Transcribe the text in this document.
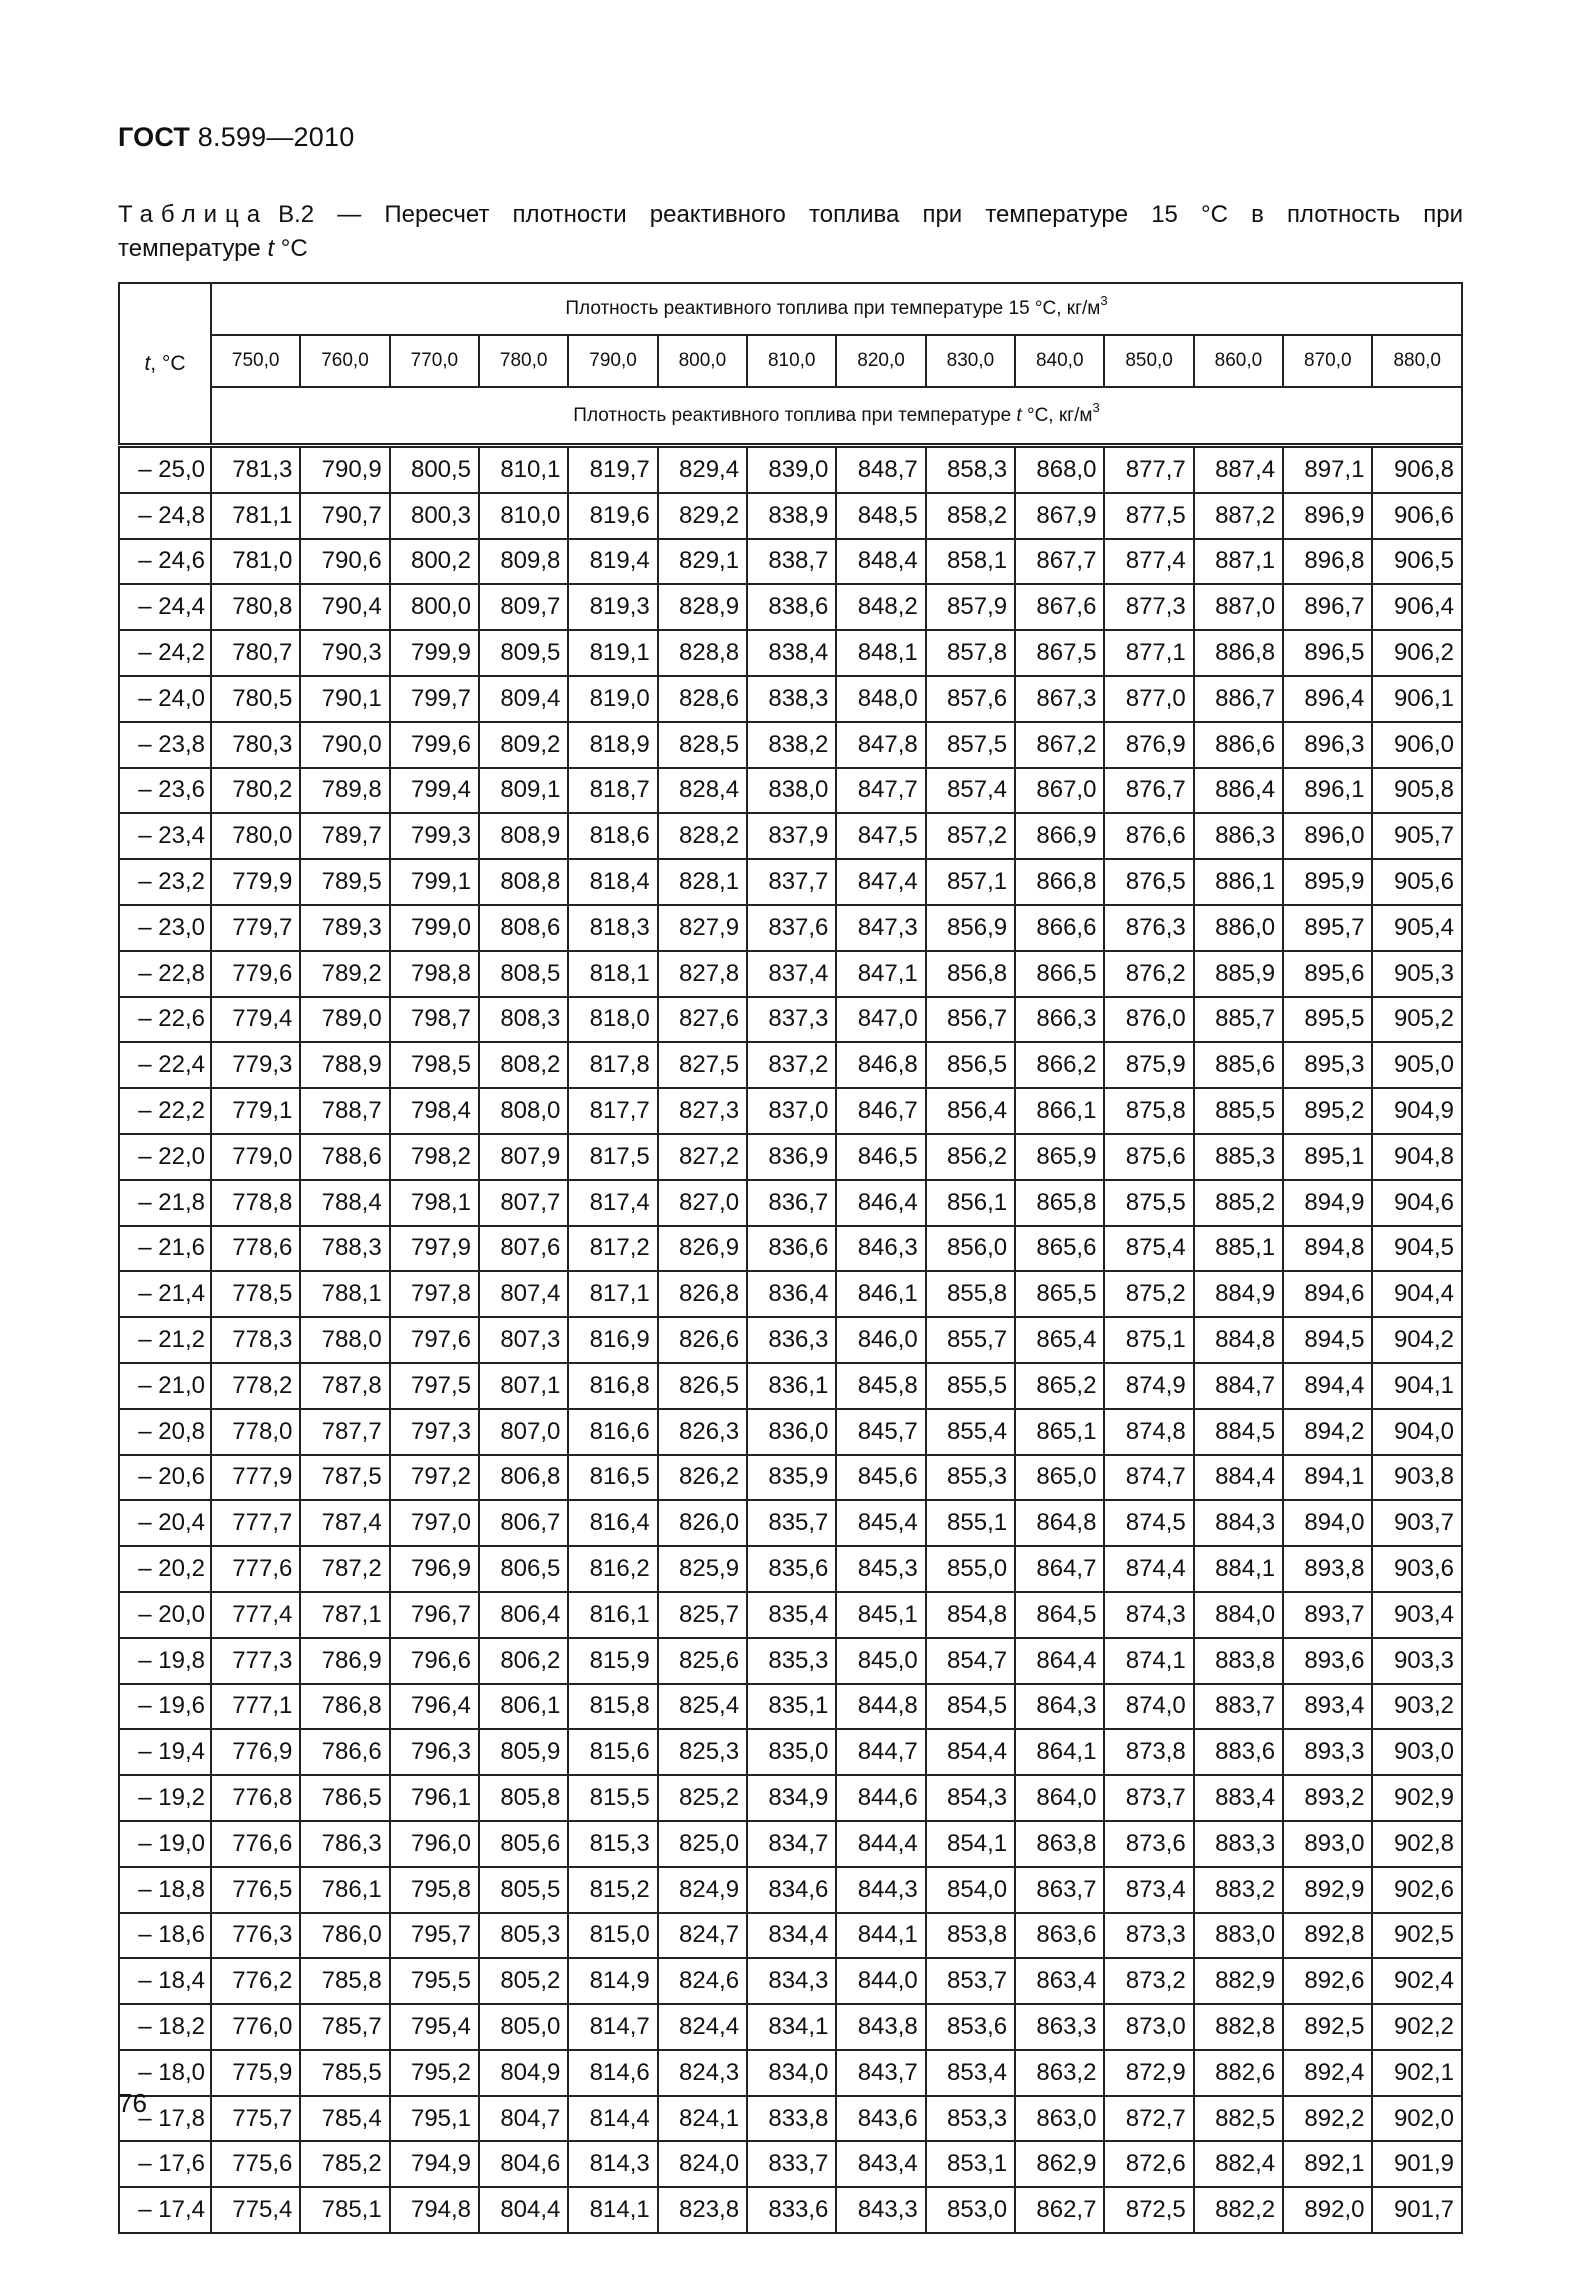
ГОСТ 8.599—2010
Таблица В.2 — Пересчет плотности реактивного топлива при температуре 15 °С в плотность при
температуре t °С
t, °С	Плотность реактивного топлива при температуре 15 °С, $кг/м^3$
	750,0	760,0	770,0	780,0	790,0	800,0	810,0	820,0	830,0	840,0	850,0	860,0	870,0	880,0
	Плотность реактивного топлива при температуре t °С, $кг/м^3$
– 25,0	781,3	790,9	800,5	810,1	819,7	829,4	839,0	848,7	858,3	868,0	877,7	887,4	897,1	906,8
– 24,8	781,1	790,7	800,3	810,0	819,6	829,2	838,9	848,5	858,2	867,9	877,5	887,2	896,9	906,6
– 24,6	781,0	790,6	800,2	809,8	819,4	829,1	838,7	848,4	858,1	867,7	877,4	887,1	896,8	906,5
– 24,4	780,8	790,4	800,0	809,7	819,3	828,9	838,6	848,2	857,9	867,6	877,3	887,0	896,7	906,4
– 24,2	780,7	790,3	799,9	809,5	819,1	828,8	838,4	848,1	857,8	867,5	877,1	886,8	896,5	906,2
– 24,0	780,5	790,1	799,7	809,4	819,0	828,6	838,3	848,0	857,6	867,3	877,0	886,7	896,4	906,1
– 23,8	780,3	790,0	799,6	809,2	818,9	828,5	838,2	847,8	857,5	867,2	876,9	886,6	896,3	906,0
– 23,6	780,2	789,8	799,4	809,1	818,7	828,4	838,0	847,7	857,4	867,0	876,7	886,4	896,1	905,8
– 23,4	780,0	789,7	799,3	808,9	818,6	828,2	837,9	847,5	857,2	866,9	876,6	886,3	896,0	905,7
– 23,2	779,9	789,5	799,1	808,8	818,4	828,1	837,7	847,4	857,1	866,8	876,5	886,1	895,9	905,6
– 23,0	779,7	789,3	799,0	808,6	818,3	827,9	837,6	847,3	856,9	866,6	876,3	886,0	895,7	905,4
– 22,8	779,6	789,2	798,8	808,5	818,1	827,8	837,4	847,1	856,8	866,5	876,2	885,9	895,6	905,3
– 22,6	779,4	789,0	798,7	808,3	818,0	827,6	837,3	847,0	856,7	866,3	876,0	885,7	895,5	905,2
– 22,4	779,3	788,9	798,5	808,2	817,8	827,5	837,2	846,8	856,5	866,2	875,9	885,6	895,3	905,0
– 22,2	779,1	788,7	798,4	808,0	817,7	827,3	837,0	846,7	856,4	866,1	875,8	885,5	895,2	904,9
– 22,0	779,0	788,6	798,2	807,9	817,5	827,2	836,9	846,5	856,2	865,9	875,6	885,3	895,1	904,8
– 21,8	778,8	788,4	798,1	807,7	817,4	827,0	836,7	846,4	856,1	865,8	875,5	885,2	894,9	904,6
– 21,6	778,6	788,3	797,9	807,6	817,2	826,9	836,6	846,3	856,0	865,6	875,4	885,1	894,8	904,5
– 21,4	778,5	788,1	797,8	807,4	817,1	826,8	836,4	846,1	855,8	865,5	875,2	884,9	894,6	904,4
– 21,2	778,3	788,0	797,6	807,3	816,9	826,6	836,3	846,0	855,7	865,4	875,1	884,8	894,5	904,2
– 21,0	778,2	787,8	797,5	807,1	816,8	826,5	836,1	845,8	855,5	865,2	874,9	884,7	894,4	904,1
– 20,8	778,0	787,7	797,3	807,0	816,6	826,3	836,0	845,7	855,4	865,1	874,8	884,5	894,2	904,0
– 20,6	777,9	787,5	797,2	806,8	816,5	826,2	835,9	845,6	855,3	865,0	874,7	884,4	894,1	903,8
– 20,4	777,7	787,4	797,0	806,7	816,4	826,0	835,7	845,4	855,1	864,8	874,5	884,3	894,0	903,7
– 20,2	777,6	787,2	796,9	806,5	816,2	825,9	835,6	845,3	855,0	864,7	874,4	884,1	893,8	903,6
– 20,0	777,4	787,1	796,7	806,4	816,1	825,7	835,4	845,1	854,8	864,5	874,3	884,0	893,7	903,4
– 19,8	777,3	786,9	796,6	806,2	815,9	825,6	835,3	845,0	854,7	864,4	874,1	883,8	893,6	903,3
– 19,6	777,1	786,8	796,4	806,1	815,8	825,4	835,1	844,8	854,5	864,3	874,0	883,7	893,4	903,2
– 19,4	776,9	786,6	796,3	805,9	815,6	825,3	835,0	844,7	854,4	864,1	873,8	883,6	893,3	903,0
– 19,2	776,8	786,5	796,1	805,8	815,5	825,2	834,9	844,6	854,3	864,0	873,7	883,4	893,2	902,9
– 19,0	776,6	786,3	796,0	805,6	815,3	825,0	834,7	844,4	854,1	863,8	873,6	883,3	893,0	902,8
– 18,8	776,5	786,1	795,8	805,5	815,2	824,9	834,6	844,3	854,0	863,7	873,4	883,2	892,9	902,6
– 18,6	776,3	786,0	795,7	805,3	815,0	824,7	834,4	844,1	853,8	863,6	873,3	883,0	892,8	902,5
– 18,4	776,2	785,8	795,5	805,2	814,9	824,6	834,3	844,0	853,7	863,4	873,2	882,9	892,6	902,4
– 18,2	776,0	785,7	795,4	805,0	814,7	824,4	834,1	843,8	853,6	863,3	873,0	882,8	892,5	902,2
– 18,0	775,9	785,5	795,2	804,9	814,6	824,3	834,0	843,7	853,4	863,2	872,9	882,6	892,4	902,1
– 17,8	775,7	785,4	795,1	804,7	814,4	824,1	833,8	843,6	853,3	863,0	872,7	882,5	892,2	902,0
– 17,6	775,6	785,2	794,9	804,6	814,3	824,0	833,7	843,4	853,1	862,9	872,6	882,4	892,1	901,9
– 17,4	775,4	785,1	794,8	804,4	814,1	823,8	833,6	843,3	853,0	862,7	872,5	882,2	892,0	901,7
76
